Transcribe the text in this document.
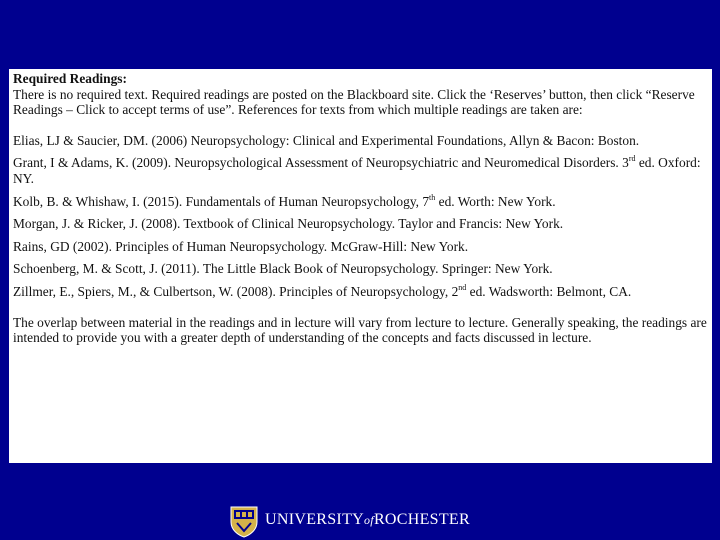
Required Readings:

There is no required text. Required readings are posted on the Blackboard site. Click the ‘Reserves’ button, then click “Reserve Readings – Click to accept terms of use”. References for texts from which multiple readings are taken are:

Elias, LJ & Saucier, DM. (2006) Neuropsychology: Clinical and Experimental Foundations, Allyn & Bacon: Boston.

Grant, I & Adams, K. (2009). Neuropsychological Assessment of Neuropsychiatric and Neuromedical Disorders. 3rd ed. Oxford: NY.

Kolb, B. & Whishaw, I. (2015). Fundamentals of Human Neuropsychology, 7th ed. Worth: New York.

Morgan, J. & Ricker, J. (2008). Textbook of Clinical Neuropsychology. Taylor and Francis: New York.

Rains, GD (2002). Principles of Human Neuropsychology. McGraw-Hill: New York.

Schoenberg, M. & Scott, J. (2011). The Little Black Book of Neuropsychology. Springer: New York.

Zillmer, E., Spiers, M., & Culbertson, W. (2008). Principles of Neuropsychology, 2nd ed. Wadsworth: Belmont, CA.

The overlap between material in the readings and in lecture will vary from lecture to lecture. Generally speaking, the readings are intended to provide you with a greater depth of understanding of the concepts and facts discussed in lecture.

UNIVERSITYofROCHESTER
